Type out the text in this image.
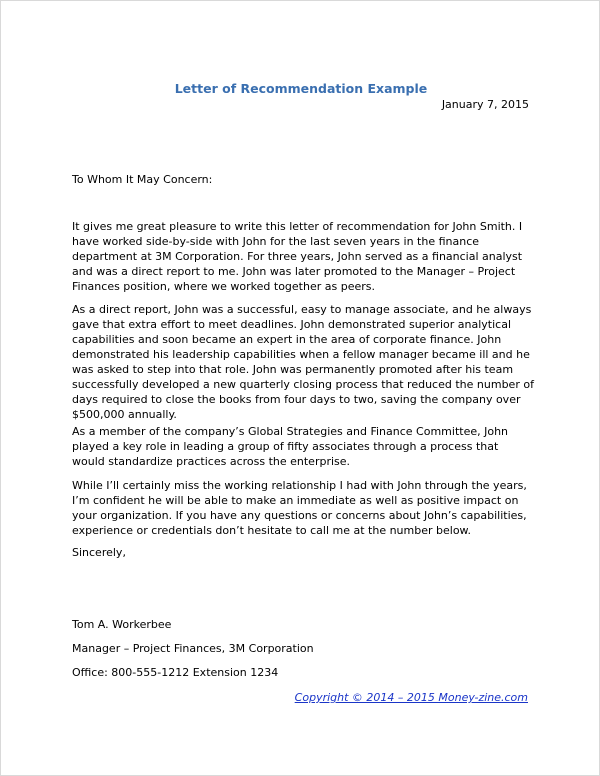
Letter of Recommendation Example

January 7, 2015

To Whom It May Concern:

It gives me great pleasure to write this letter of recommendation for John Smith. I have worked side-by-side with John for the last seven years in the finance department at 3M Corporation. For three years, John served as a financial analyst and was a direct report to me. John was later promoted to the Manager – Project Finances position, where we worked together as peers.

As a direct report, John was a successful, easy to manage associate, and he always gave that extra effort to meet deadlines. John demonstrated superior analytical capabilities and soon became an expert in the area of corporate finance. John demonstrated his leadership capabilities when a fellow manager became ill and he was asked to step into that role. John was permanently promoted after his team successfully developed a new quarterly closing process that reduced the number of days required to close the books from four days to two, saving the company over $500,000 annually.

As a member of the company’s Global Strategies and Finance Committee, John played a key role in leading a group of fifty associates through a process that would standardize practices across the enterprise.

While I’ll certainly miss the working relationship I had with John through the years, I’m confident he will be able to make an immediate as well as positive impact on your organization. If you have any questions or concerns about John’s capabilities, experience or credentials don’t hesitate to call me at the number below.

Sincerely,

Tom A. Workerbee

Manager – Project Finances, 3M Corporation

Office: 800-555-1212 Extension 1234

Copyright © 2014 – 2015 Money-zine.com
